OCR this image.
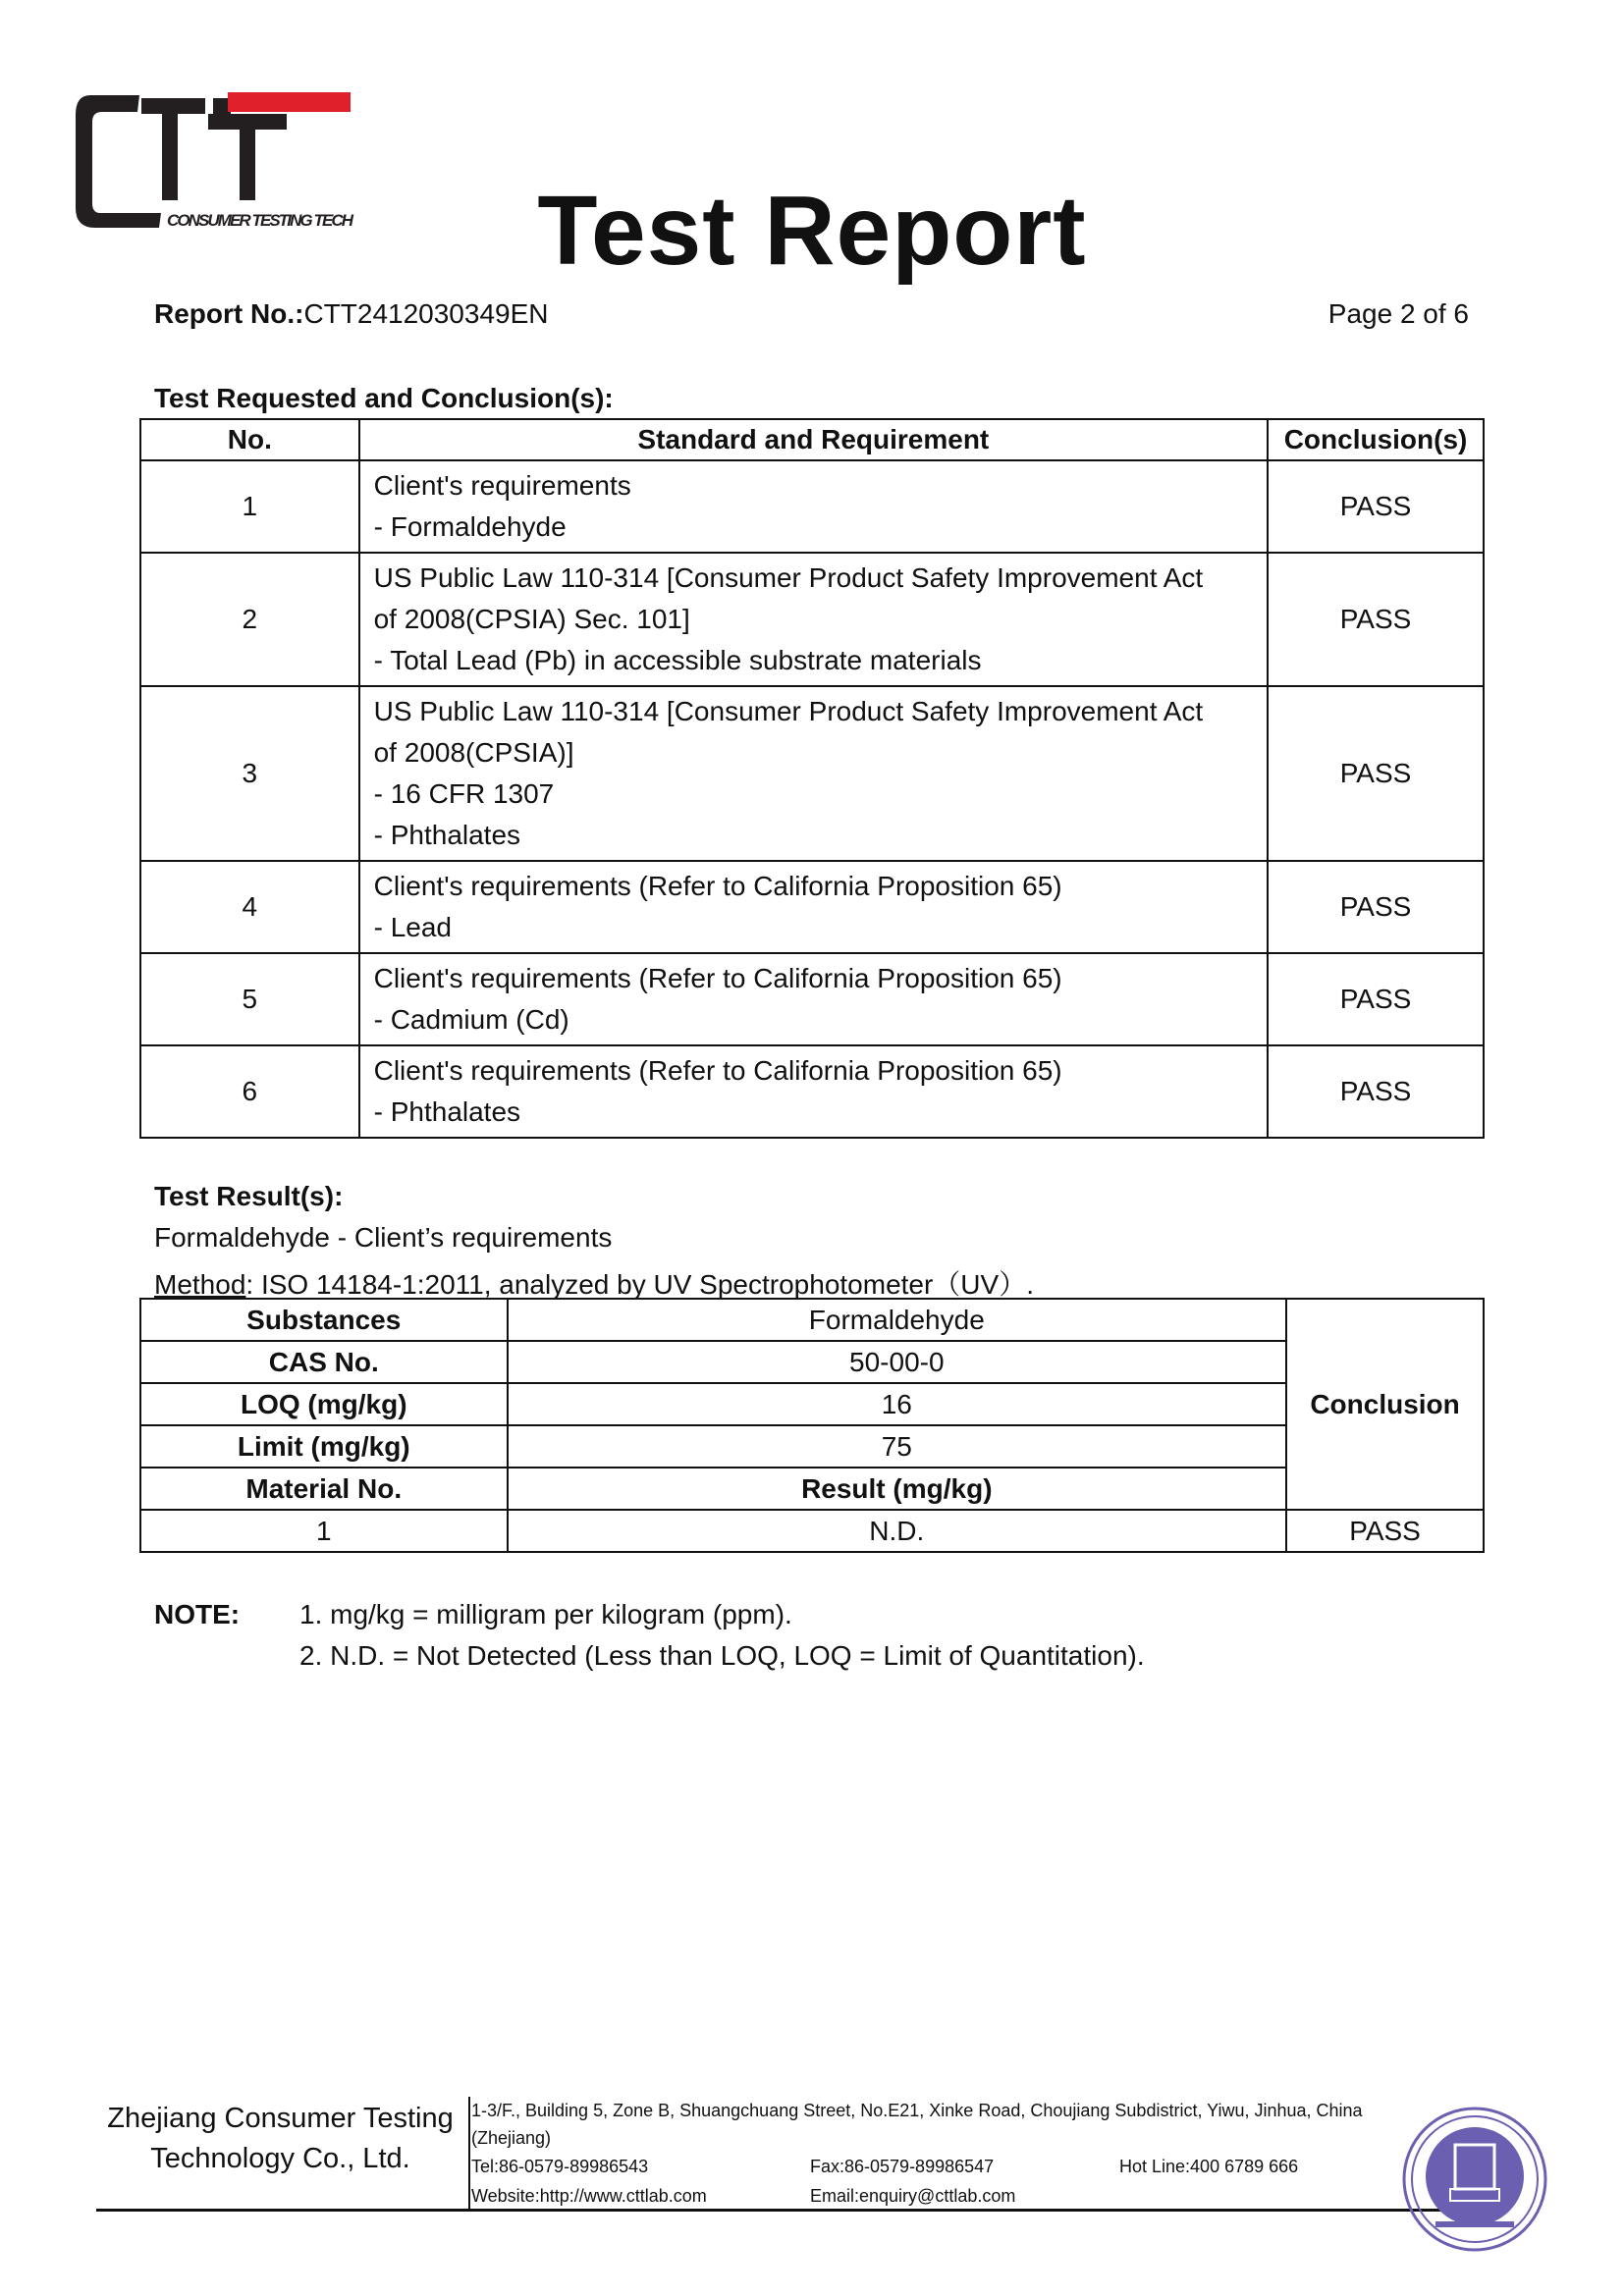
CONSUMER TESTING TECH	Test Report
Report No.:CTT2412030349EN	Page 2 of 6
Test Requested and Conclusion(s):
No.	Standard and Requirement	Conclusion(s)
1	Client's requirements
- Formaldehyde	PASS
2	US Public Law 110-314 [Consumer Product Safety Improvement Act
of 2008(CPSIA) Sec. 101]
- Total Lead (Pb) in accessible substrate materials	PASS
3	US Public Law 110-314 [Consumer Product Safety Improvement Act
of 2008(CPSIA)]
- 16 CFR 1307
- Phthalates	PASS
4	Client's requirements (Refer to California Proposition 65)
- Lead	PASS
5	Client's requirements (Refer to California Proposition 65)
- Cadmium (Cd)	PASS
6	Client's requirements (Refer to California Proposition 65)
- Phthalates	PASS
Test Result(s):
Formaldehyde - Client’s requirements
Method: ISO 14184-1:2011, analyzed by UV Spectrophotometer（UV）.
Substances	Formaldehyde	Conclusion
CAS No.	50-00-0	
LOQ (mg/kg)	16	
Limit (mg/kg)	75	
Material No.	Result (mg/kg)	
1	N.D.	PASS
NOTE: 1. mg/kg = milligram per kilogram (ppm).
2. N.D. = Not Detected (Less than LOQ, LOQ = Limit of Quantitation).
Zhejiang Consumer Testing
Technology Co., Ltd.
1-3/F., Building 5, Zone B, Shuangchuang Street, No.E21, Xinke Road, Choujiang Subdistrict, Yiwu, Jinhua, China
(Zhejiang)
Tel:86-0579-89986543	Fax:86-0579-89986547	Hot Line:400 6789 666
Website:http://www.cttlab.com	Email:enquiry@cttlab.com
